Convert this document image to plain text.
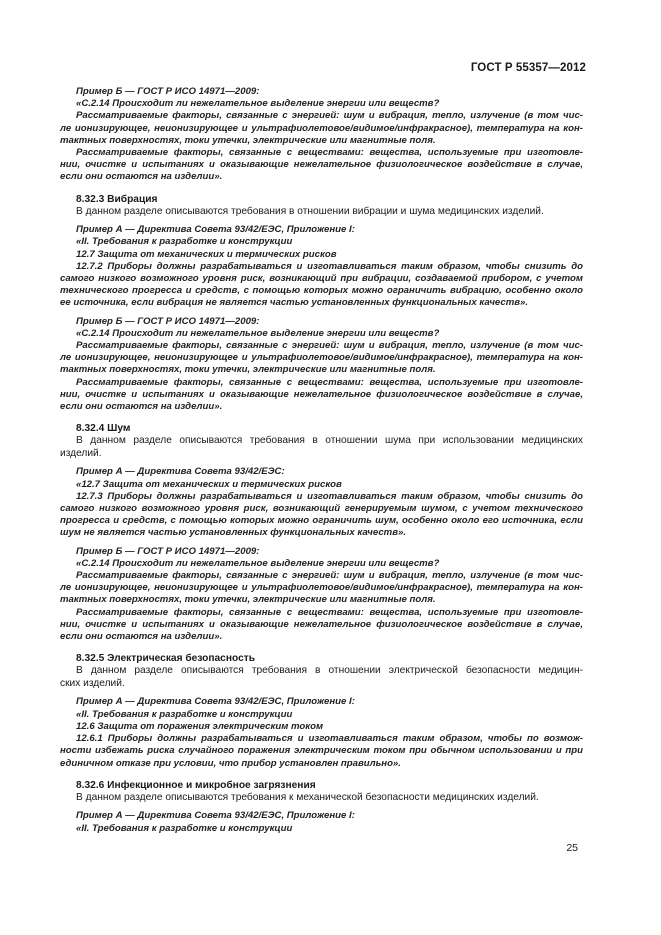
ГОСТ Р 55357—2012
Пример Б — ГОСТ Р ИСО 14971—2009:
«С.2.14 Происходит ли нежелательное выделение энергии или веществ?
Рассматриваемые факторы, связанные с энергией: шум и вибрация, тепло, излучение (в том чис-
ле ионизирующее, неионизирующее и ультрафиолетовое/видимое/инфракрасное), температура на кон-
тактных поверхностях, токи утечки, электрические или магнитные поля.
Рассматриваемые факторы, связанные с веществами: вещества, используемые при изготовле-
нии, очистке и испытаниях и оказывающие нежелательное физиологическое воздействие в случае,
если они остаются на изделии».
8.32.3 Вибрация
В данном разделе описываются требования в отношении вибрации и шума медицинских изделий.
Пример А — Директива Совета 93/42/ЕЭС, Приложение I:
«II. Требования к разработке и конструкции
12.7 Защита от механических и термических рисков
12.7.2 Приборы должны разрабатываться и изготавливаться таким образом, чтобы снизить до
самого низкого возможного уровня риск, возникающий при вибрации, создаваемой прибором, с учетом
технического прогресса и средств, с помощью которых можно ограничить вибрацию, особенно около
ее источника, если вибрация не является частью установленных функциональных качеств».
Пример Б — ГОСТ Р ИСО 14971—2009:
«С.2.14 Происходит ли нежелательное выделение энергии или веществ?
Рассматриваемые факторы, связанные с энергией: шум и вибрация, тепло, излучение (в том чис-
ле ионизирующее, неионизирующее и ультрафиолетовое/видимое/инфракрасное), температура на кон-
тактных поверхностях, токи утечки, электрические или магнитные поля.
Рассматриваемые факторы, связанные с веществами: вещества, используемые при изготовле-
нии, очистке и испытаниях и оказывающие нежелательное физиологическое воздействие в случае,
если они остаются на изделии».
8.32.4 Шум
В данном разделе описываются требования в отношении шума при использовании медицинских
изделий.
Пример А — Директива Совета 93/42/ЕЭС:
«12.7 Защита от механических и термических рисков
12.7.3 Приборы должны разрабатываться и изготавливаться таким образом, чтобы снизить до
самого низкого возможного уровня риск, возникающий генерируемым шумом, с учетом технического
прогресса и средств, с помощью которых можно ограничить шум, особенно около его источника, если
шум не является частью установленных функциональных качеств».
Пример Б — ГОСТ Р ИСО 14971—2009:
«С.2.14 Происходит ли нежелательное выделение энергии или веществ?
Рассматриваемые факторы, связанные с энергией: шум и вибрация, тепло, излучение (в том чис-
ле ионизирующее, неионизирующее и ультрафиолетовое/видимое/инфракрасное), температура на кон-
тактных поверхностях, токи утечки, электрические или магнитные поля.
Рассматриваемые факторы, связанные с веществами: вещества, используемые при изготовле-
нии, очистке и испытаниях и оказывающие нежелательное физиологическое воздействие в случае,
если они остаются на изделии».
8.32.5 Электрическая безопасность
В данном разделе описываются требования в отношении электрической безопасности медицин-
ских изделий.
Пример А — Директива Совета 93/42/ЕЭС, Приложение I:
«II. Требования к разработке и конструкции
12.6 Защита от поражения электрическим током
12.6.1 Приборы должны разрабатываться и изготавливаться таким образом, чтобы по возмож-
ности избежать риска случайного поражения электрическим током при обычном использовании и при
единичном отказе при условии, что прибор установлен правильно».
8.32.6 Инфекционное и микробное загрязнения
В данном разделе описываются требования к механической безопасности медицинских изделий.
Пример А — Директива Совета 93/42/ЕЭС, Приложение I:
«II. Требования к разработке и конструкции
25
